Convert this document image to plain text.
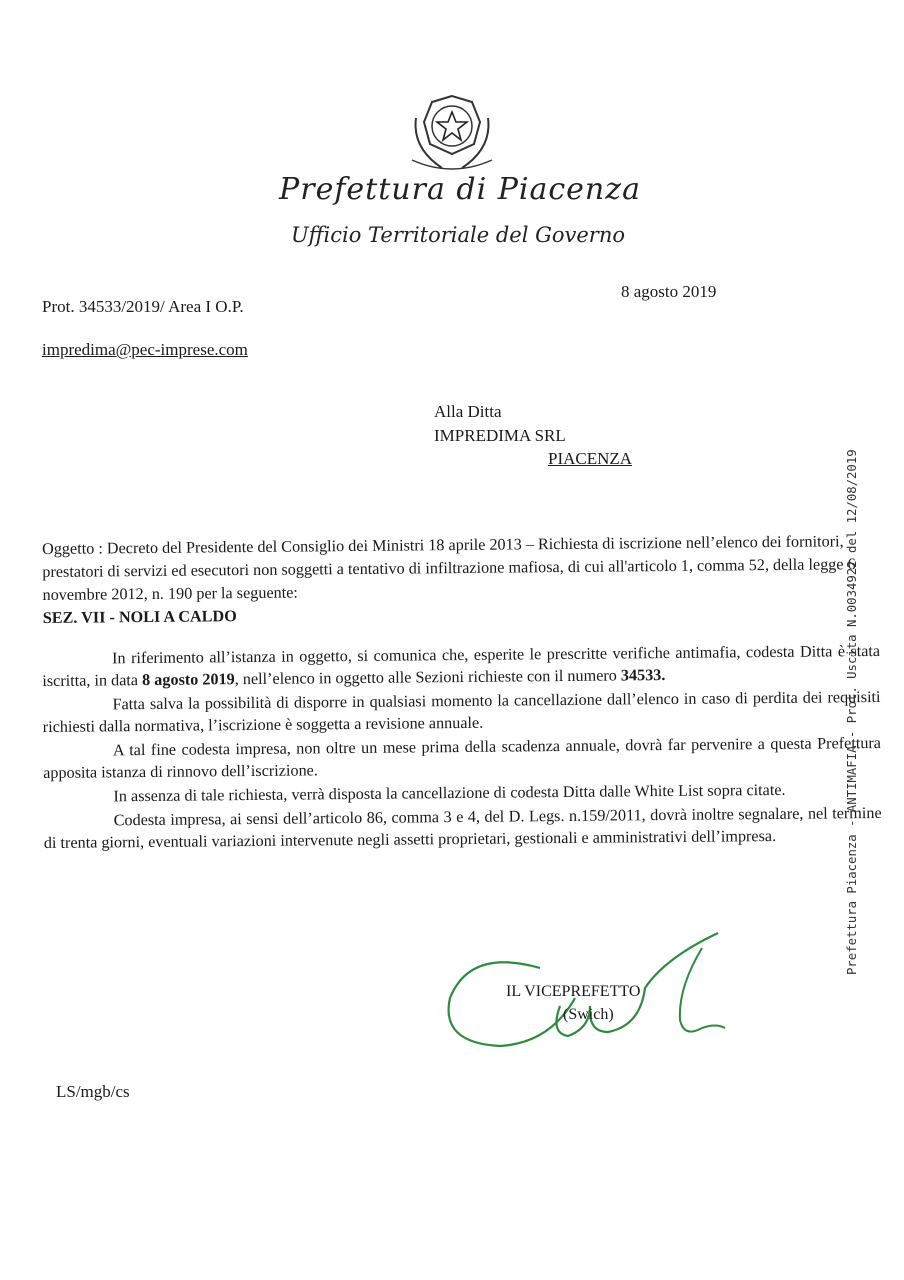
Prefettura di Piacenza
Ufficio Territoriale del Governo
Prot. 34533/2019/ Area I O.P.
8 agosto 2019
impredima@pec-imprese.com
Alla Ditta
IMPREDIMA SRL
PIACENZA

Oggetto : Decreto del Presidente del Consiglio dei Ministri 18 aprile 2013 – Richiesta di iscrizione nell’elenco dei fornitori, prestatori di servizi ed esecutori non soggetti a tentativo di infiltrazione mafiosa, di cui all'articolo 1, comma 52, della legge 6 novembre 2012, n. 190 per la seguente:

SEZ. VII - NOLI A CALDO

In riferimento all’istanza in oggetto, si comunica che, esperite le prescritte verifiche antimafia, codesta Ditta è stata iscritta, in data 8 agosto 2019, nell’elenco in oggetto alle Sezioni richieste con il numero 34533.

Fatta salva la possibilità di disporre in qualsiasi momento la cancellazione dall’elenco in caso di perdita dei requisiti richiesti dalla normativa, l’iscrizione è soggetta a revisione annuale.

A tal fine codesta impresa, non oltre un mese prima della scadenza annuale, dovrà far pervenire a questa Prefettura apposita istanza di rinnovo dell’iscrizione.

In assenza di tale richiesta, verrà disposta la cancellazione di codesta Ditta dalle White List sopra citate.

Codesta impresa, ai sensi dell’articolo 86, comma 3 e 4, del D. Legs. n.159/2011, dovrà inoltre segnalare, nel termine di trenta giorni, eventuali variazioni intervenute negli assetti proprietari, gestionali e amministrativi dell’impresa.

IL VICEPREFETTO
(Swich)
LS/mgb/cs
Prefettura Piacenza - ANTIMAFIA - Prot. Uscita N.0034922 del 12/08/2019
